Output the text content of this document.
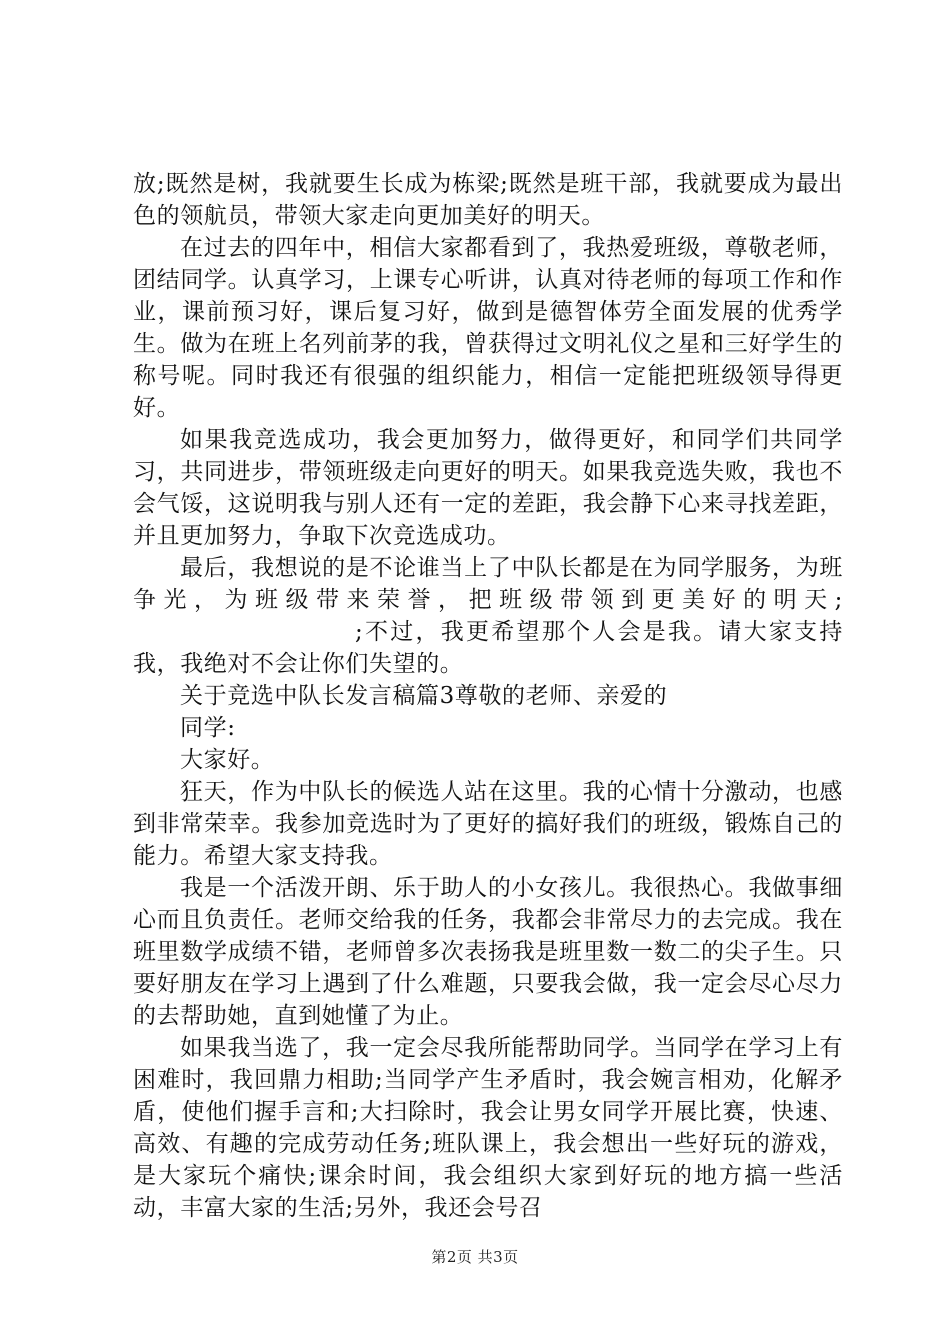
放;既然是树，我就要生长成为栋梁;既然是班干部，我就要成为最出色的领航员，带领大家走向更加美好的明天。

在过去的四年中，相信大家都看到了，我热爱班级，尊敬老师，团结同学。认真学习，上课专心听讲，认真对待老师的每项工作和作业，课前预习好，课后复习好，做到是德智体劳全面发展的优秀学生。做为在班上名列前茅的我，曾获得过文明礼仪之星和三好学生的称号呢。同时我还有很强的组织能力，相信一定能把班级领导得更好。

如果我竞选成功，我会更加努力，做得更好，和同学们共同学习，共同进步，带领班级走向更好的明天。如果我竞选失败，我也不会气馁，这说明我与别人还有一定的差距，我会静下心来寻找差距，并且更加努力，争取下次竞选成功。

最后，我想说的是不论谁当上了中队长都是在为同学服务，为班争光，为班级带来荣誉，把班级带领到更美好的明天;;不过，我更希望那个人会是我。请大家支持我，我绝对不会让你们失望的。

关于竞选中队长发言稿篇3尊敬的老师、亲爱的

同学:

大家好。

狂天，作为中队长的候选人站在这里。我的心情十分激动，也感到非常荣幸。我参加竞选时为了更好的搞好我们的班级，锻炼自己的能力。希望大家支持我。

我是一个活泼开朗、乐于助人的小女孩儿。我很热心。我做事细心而且负责任。老师交给我的任务，我都会非常尽力的去完成。我在班里数学成绩不错，老师曾多次表扬我是班里数一数二的尖子生。只要好朋友在学习上遇到了什么难题，只要我会做，我一定会尽心尽力的去帮助她，直到她懂了为止。

如果我当选了，我一定会尽我所能帮助同学。当同学在学习上有困难时，我回鼎力相助;当同学产生矛盾时，我会婉言相劝，化解矛盾，使他们握手言和;大扫除时，我会让男女同学开展比赛，快速、高效、有趣的完成劳动任务;班队课上，我会想出一些好玩的游戏，是大家玩个痛快;课余时间，我会组织大家到好玩的地方搞一些活动，丰富大家的生活;另外，我还会号召

第2页 共3页
